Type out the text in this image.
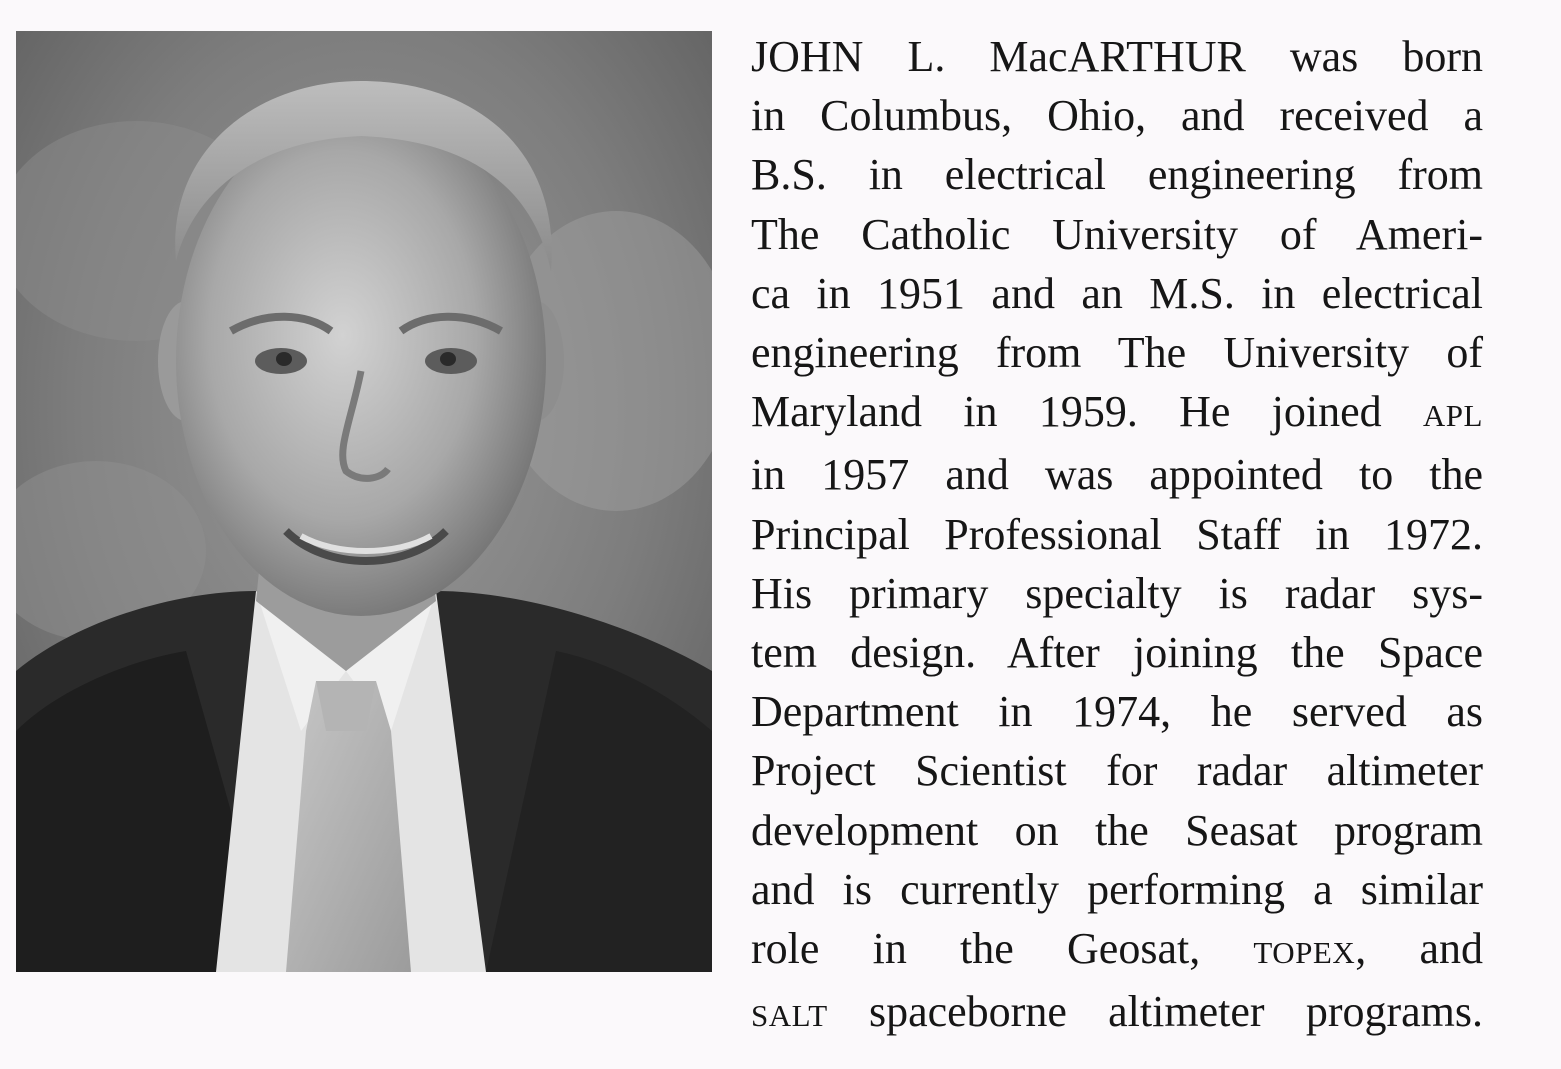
JOHN L. MacARTHUR was born
in Columbus, Ohio, and received a
B.S. in electrical engineering from
The Catholic University of Ameri-
ca in 1951 and an M.S. in electrical
engineering from The University of
Maryland in 1959. He joined APL
in 1957 and was appointed to the
Principal Professional Staff in 1972.
His primary specialty is radar sys-
tem design. After joining the Space
Department in 1974, he served as
Project Scientist for radar altimeter
development on the Seasat program
and is currently performing a similar
role in the Geosat, TOPEX, and
SALT spaceborne altimeter programs.
